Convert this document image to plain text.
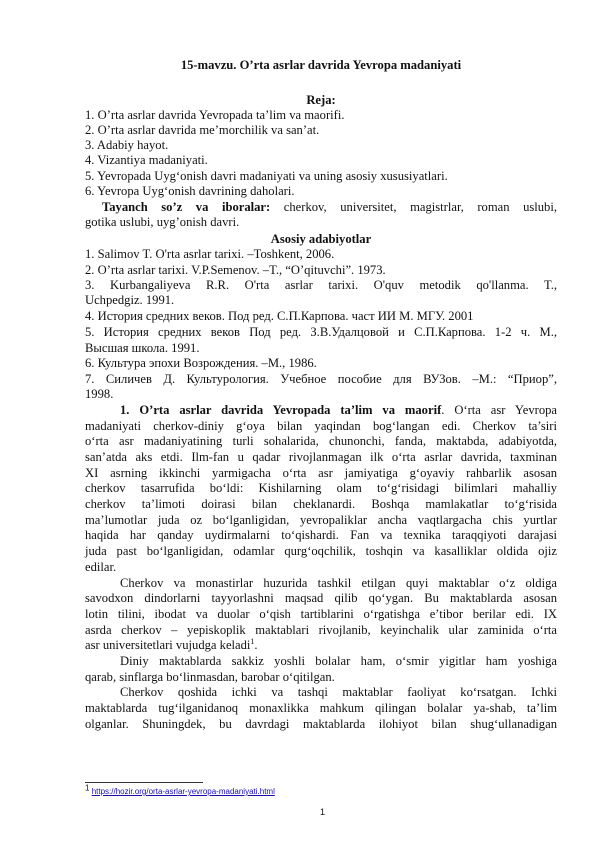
15-mavzu. O’rta asrlar davrida Yevropa madaniyati
Reja:
1. O’rta asrlar davrida Yevropada ta’lim va maorifi.
2. O’rta asrlar davrida me’morchilik va san’at.
3. Adabiy hayot.
4. Vizantiya madaniyati.
5. Yevropada Uyg‘onish davri madaniyati va uning asosiy xususiyatlari.
6. Yevropa Uyg‘onish davrining daholari.
Tayanch so’z va iboralar: cherkov, universitet, magistrlar, roman uslubi,
gotika uslubi, uyg’onish davri.
Asosiy adabiyotlar
1. Salimov T. O'rta asrlar tarixi. –Toshkent, 2006.
2. O’rta asrlar tarixi. V.P.Semenov. –T., “O’qituvchi”. 1973.
3. Kurbangaliyeva R.R. O'rta asrlar tarixi. O'quv metodik qo'llanma. T.,
Uchpedgiz. 1991.
4. История средних веков. Под ред. С.П.Карпова. част ИИ М. МГУ. 2001
5. История средних веков Под ред. З.В.Удалцовой и С.П.Карпова. 1-2 ч. М.,
Высшая школа. 1991.
6. Культура эпохи Возрождения. –М., 1986.
7. Силичев Д. Культурология. Учебное пособие для ВУЗов. –М.: “Приор”,
1998.
1. O’rta asrlar davrida Yevropada ta’lim va maorif. O‘rta asr Yevropa
madaniyati cherkov-diniy g‘oya bilan yaqindan bog‘langan edi. Cherkov ta’siri
o‘rta asr madaniyatining turli sohalarida, chunonchi, fanda, maktabda, adabiyotda,
san’atda aks etdi. Ilm-fan u qadar rivojlanmagan ilk o‘rta asrlar davrida, taxminan
XI asrning ikkinchi yarmigacha o‘rta asr jamiyatiga g‘oyaviy rahbarlik asosan
cherkov tasarrufida bo‘ldi: Kishilarning olam to‘g‘risidagi bilimlari mahalliy
cherkov ta’limoti doirasi bilan cheklanardi. Boshqa mamlakatlar to‘g‘risida
ma’lumotlar juda oz bo‘lganligidan, yevropaliklar ancha vaqtlargacha chis yurtlar
haqida har qanday uydirmalarni to‘qishardi. Fan va texnika taraqqiyoti darajasi
juda past bo‘lganligidan, odamlar qurg‘oqchilik, toshqin va kasalliklar oldida ojiz
edilar.
Cherkov va monastirlar huzurida tashkil etilgan quyi maktablar o‘z oldiga
savodxon dindorlarni tayyorlashni maqsad qilib qo‘ygan. Bu maktablarda asosan
lotin tilini, ibodat va duolar o‘qish tartiblarini o‘rgatishga e’tibor berilar edi. IX
asrda cherkov – yepiskoplik maktablari rivojlanib, keyinchalik ular zaminida o‘rta
asr universitetlari vujudga keladi$^1$.
Diniy maktablarda sakkiz yoshli bolalar ham, o‘smir yigitlar ham yoshiga
qarab, sinflarga bo‘linmasdan, barobar o‘qitilgan.
Cherkov qoshida ichki va tashqi maktablar faoliyat ko‘rsatgan. Ichki
maktablarda tug‘ilganidanoq monaxlikka mahkum qilingan bolalar ya-shab, ta’lim
olganlar. Shuningdek, bu davrdagi maktablarda ilohiyot bilan shug‘ullanadigan
$^1$ https://hozir.org/orta-asrlar-yevropa-madaniyati.html
1
